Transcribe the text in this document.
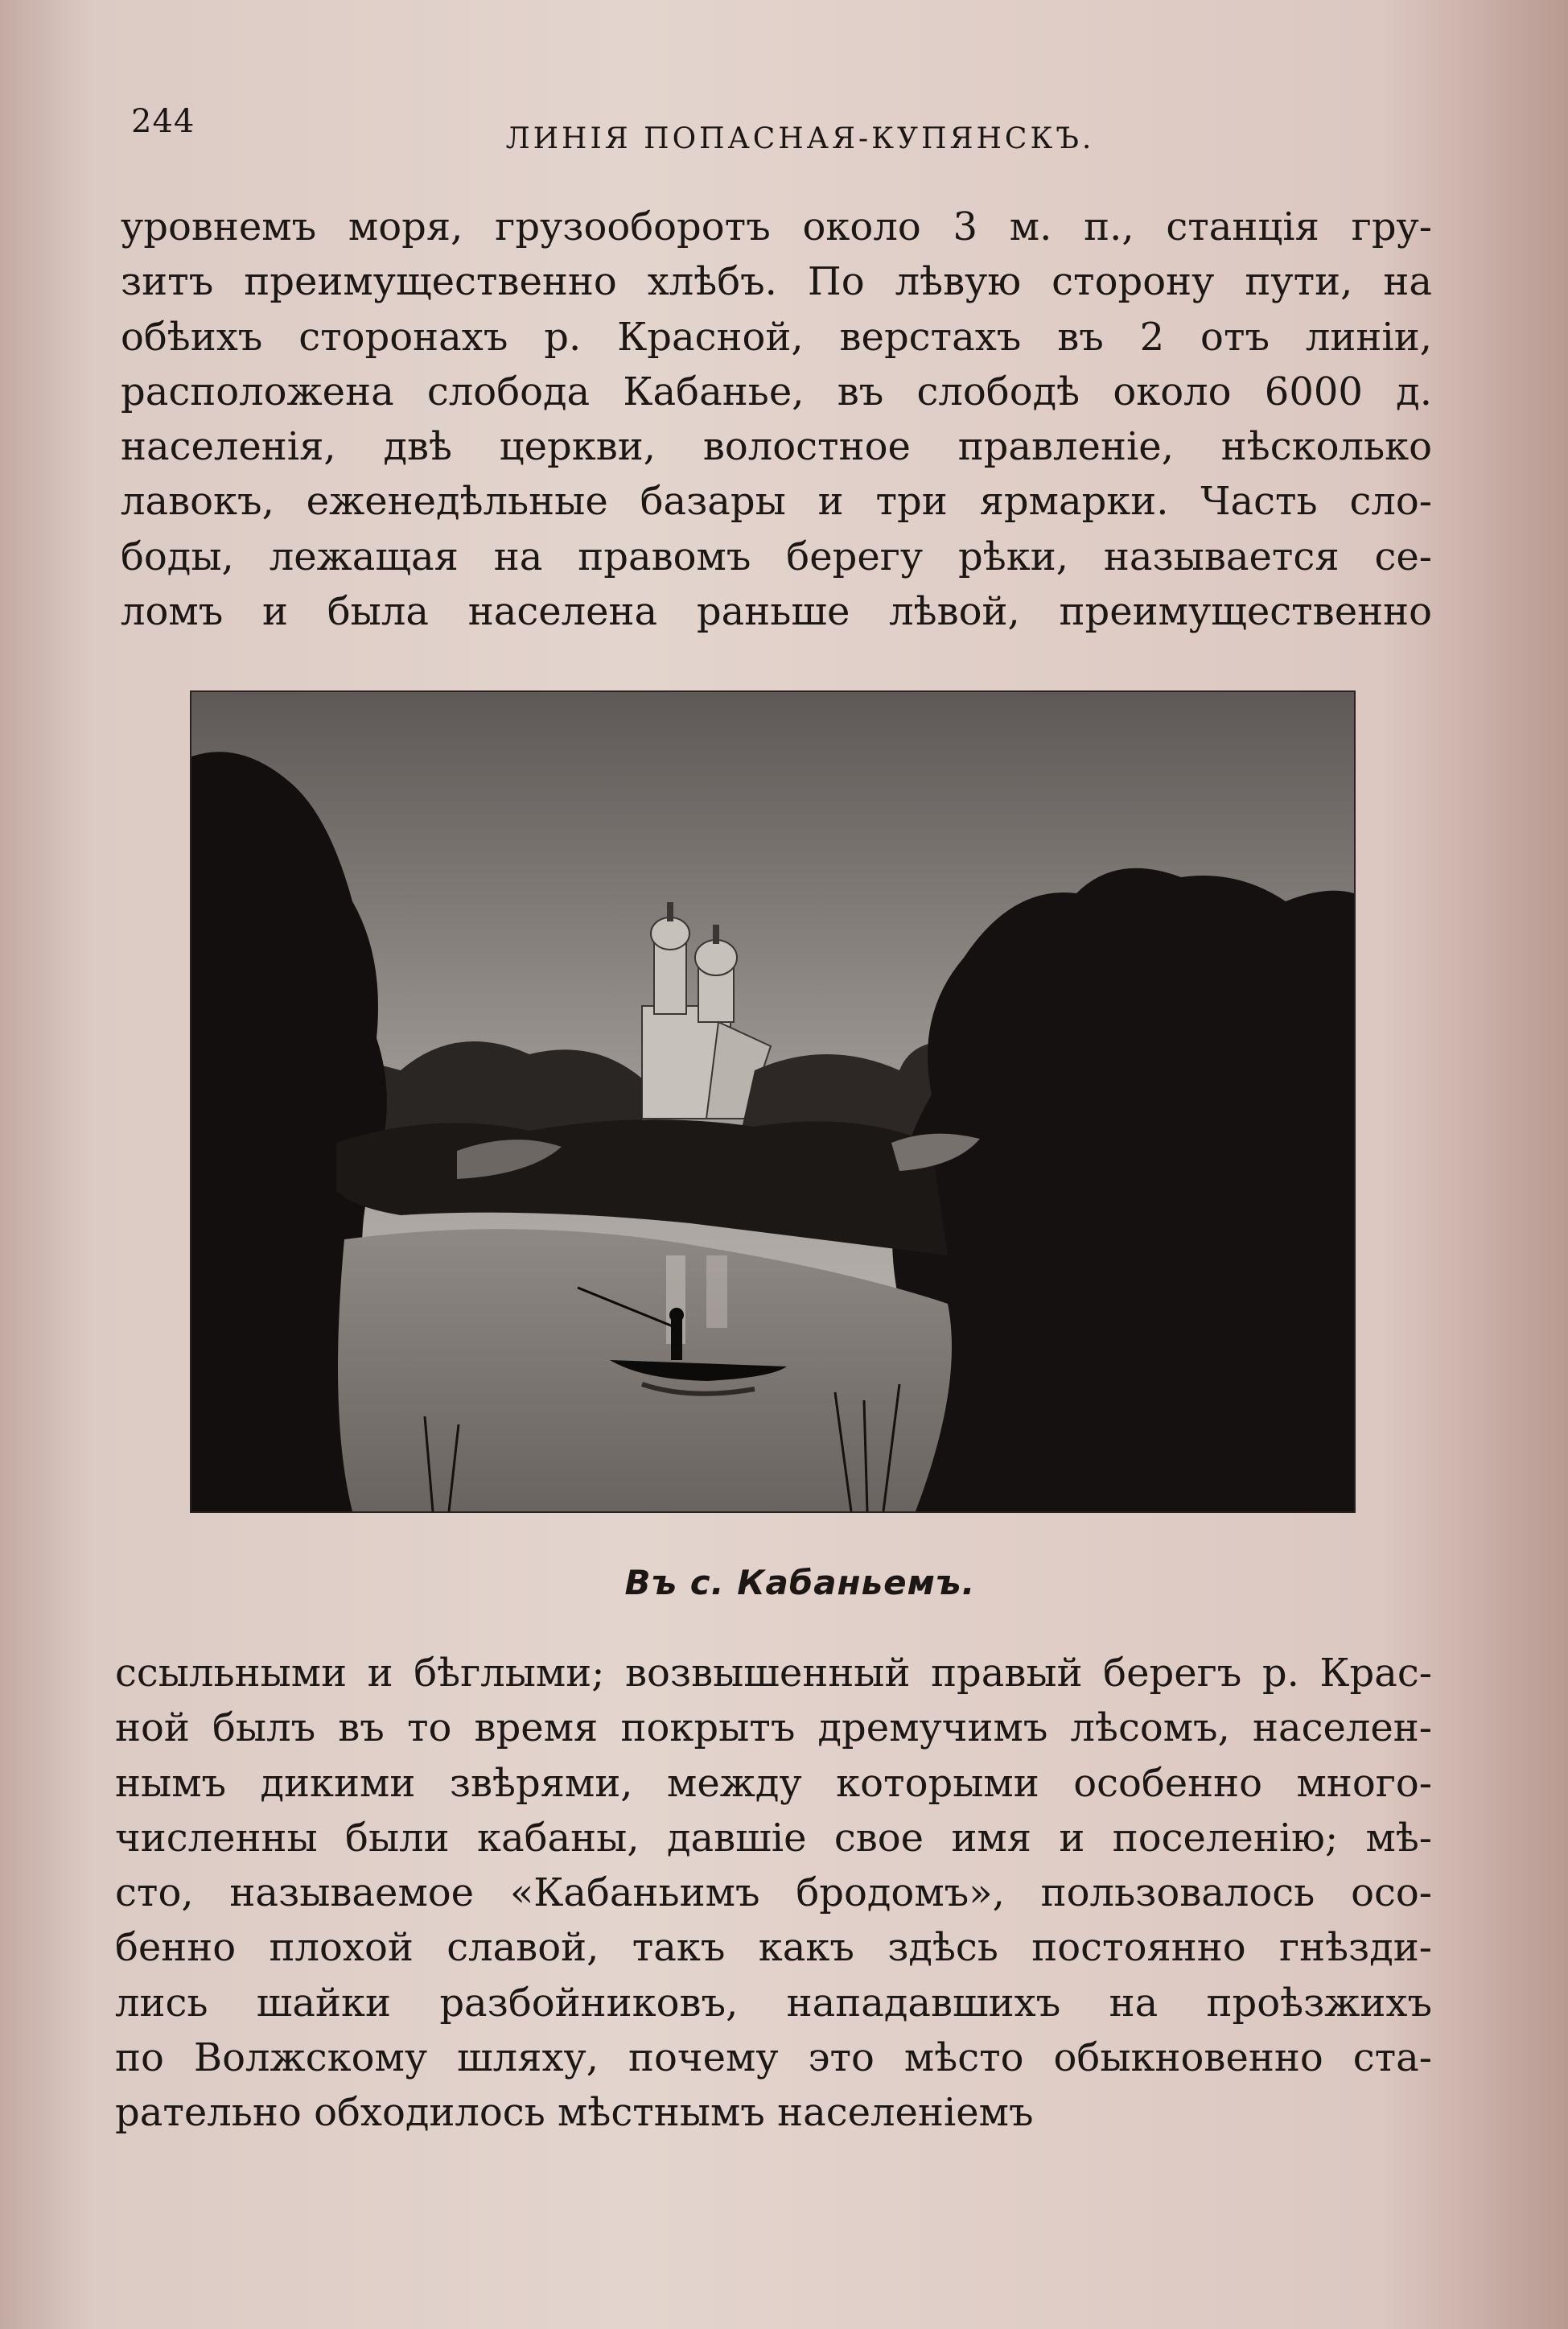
244	ЛИНІЯ ПОПАСНАЯ-КУПЯНСКЪ.
уровнемъ моря, грузооборотъ около 3 м. п., станція гру-
зитъ преимущественно хлѣбъ. По лѣвую сторону пути, на
обѣихъ сторонахъ р. Красной, верстахъ въ 2 отъ линіи,
расположена слобода Кабанье, въ слободѣ около 6000 д.
населенія, двѣ церкви, волостное правленіе, нѣсколько
лавокъ, еженедѣльные базары и три ярмарки. Часть сло-
боды, лежащая на правомъ берегу рѣки, называется се-
ломъ и была населена раньше лѣвой, преимущественно
Въ с. Кабаньемъ.
ссыльными и бѣглыми; возвышенный правый берегъ р. Крас-
ной былъ въ то время покрытъ дремучимъ лѣсомъ, населен-
нымъ дикими звѣрями, между которыми особенно много-
численны были кабаны, давшіе свое имя и поселенію; мѣ-
сто, называемое «Кабаньимъ бродомъ», пользовалось осо-
бенно плохой славой, такъ какъ здѣсь постоянно гнѣзди-
лись шайки разбойниковъ, нападавшихъ на проѣзжихъ
по Волжскому шляху, почему это мѣсто обыкновенно ста-
рательно обходилось мѣстнымъ населеніемъ
